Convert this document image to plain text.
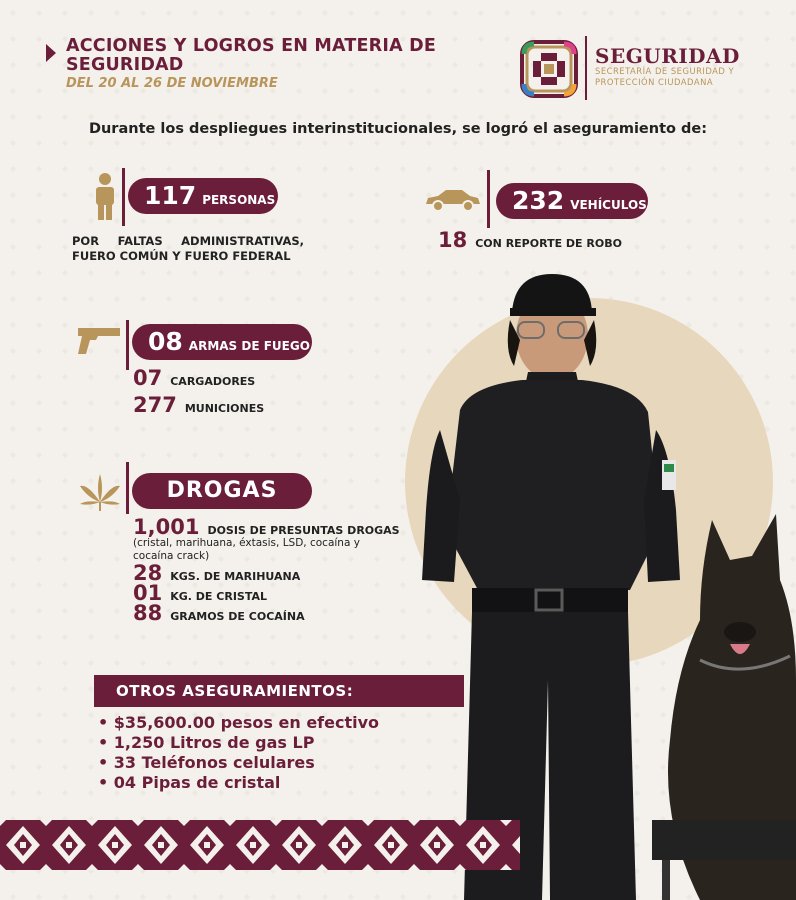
ACCIONES Y LOGROS EN MATERIA DE SEGURIDAD
DEL 20 AL 26 DE NOVIEMBRE
SEGURIDAD
SECRETARÍA DE SEGURIDAD Y PROTECCIÓN CIUDADANA
Durante los despliegues interinstitucionales, se logró el aseguramiento de:
117 PERSONAS
POR FALTAS ADMINISTRATIVAS, FUERO COMÚN Y FUERO FEDERAL
232 VEHÍCULOS
18 CON REPORTE DE ROBO
08 ARMAS DE FUEGO
07 CARGADORES
277 MUNICIONES
DROGAS
1,001 DOSIS DE PRESUNTAS DROGAS
(cristal, marihuana, éxtasis, LSD, cocaína y cocaína crack)
28 KGS. DE MARIHUANA
01 KG. DE CRISTAL
88 GRAMOS DE COCAÍNA
OTROS ASEGURAMIENTOS:
• $35,600.00 pesos en efectivo
• 1,250 Litros de gas LP
• 33 Teléfonos celulares
• 04 Pipas de cristal
